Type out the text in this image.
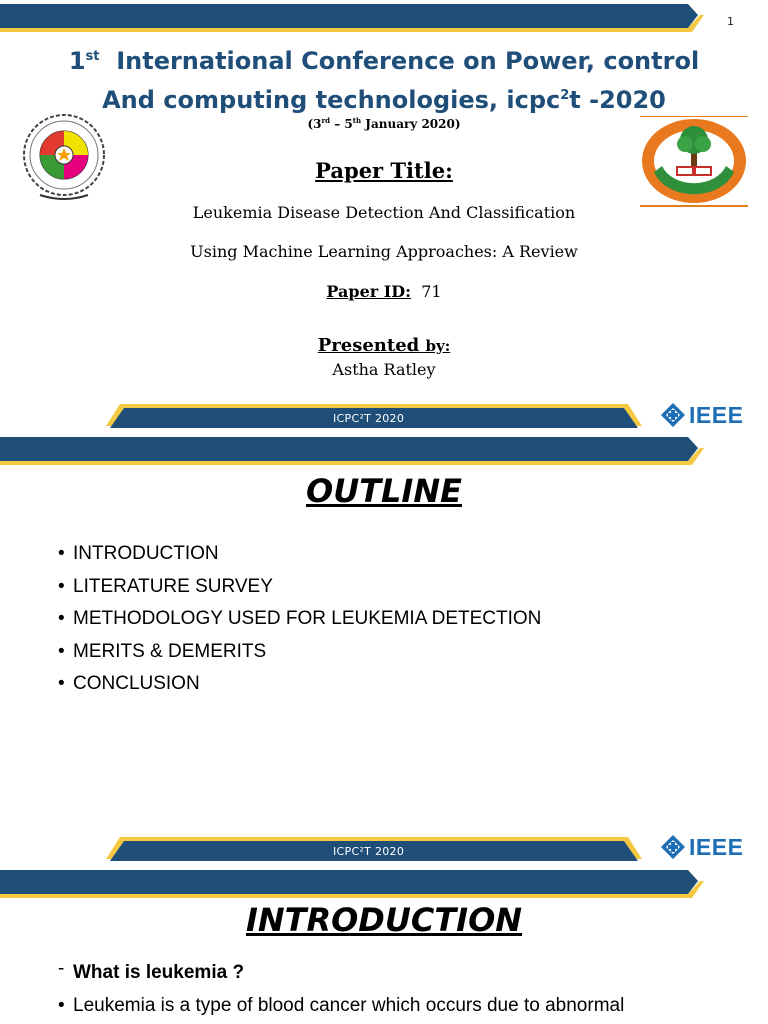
1
1st International Conference on Power, control
And computing technologies, icpc$^2$t -2020
(3rd – 5th January 2020)
Paper Title:
Leukemia Disease Detection And Classification
Using Machine Learning Approaches: A Review
Paper ID: 71
Presented by:
Astha Ratley
ICPC²T 2020	IEEE
OUTLINE
• INTRODUCTION
• LITERATURE SURVEY
• METHODOLOGY USED FOR LEUKEMIA DETECTION
• MERITS & DEMERITS
• CONCLUSION
ICPC²T 2020	IEEE
INTRODUCTION
- What is leukemia ?
• Leukemia is a type of blood cancer which occurs due to abnormal
